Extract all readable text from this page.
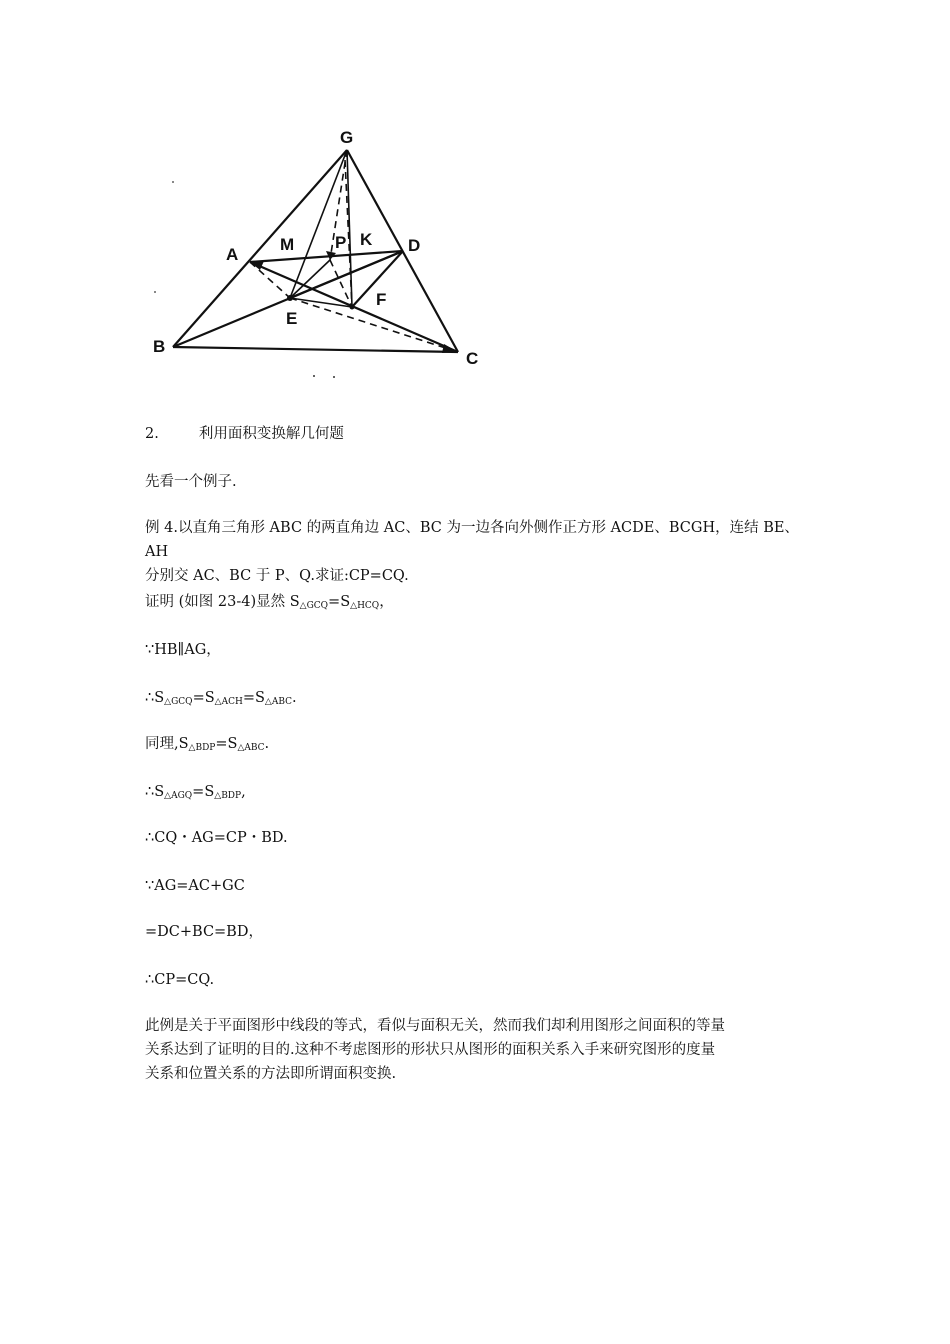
G
A
M P K D
E
F
B
C
2.	利用面积变换解几何题
先看一个例子.
例 4.以直角三角形 ABC 的两直角边 AC、BC 为一边各向外侧作正方形 ACDE、BCGH，连结 BE、AH
分别交 AC、BC 于 P、Q.求证:CP=CQ.
证明 (如图 23-4)显然 $S_{\triangle GCQ}=S_{\triangle HCQ}$，
∵HB∥AG，
$\therefore S_{\triangle GCQ}=S_{\triangle ACH}=S_{\triangle ABC}$.
同理$,S_{\triangle BDP}=S_{\triangle ABC}$.
$\therefore S_{\triangle AGQ}=S_{\triangle BDP}$,
∴CQ・AG=CP・BD.
∵AG=AC+GC
=DC+BC=BD，
∴CP=CQ.
此例是关于平面图形中线段的等式，看似与面积无关，然而我们却利用图形之间面积的等量
关系达到了证明的目的.这种不考虑图形的形状只从图形的面积关系入手来研究图形的度量
关系和位置关系的方法即所谓面积变换.
